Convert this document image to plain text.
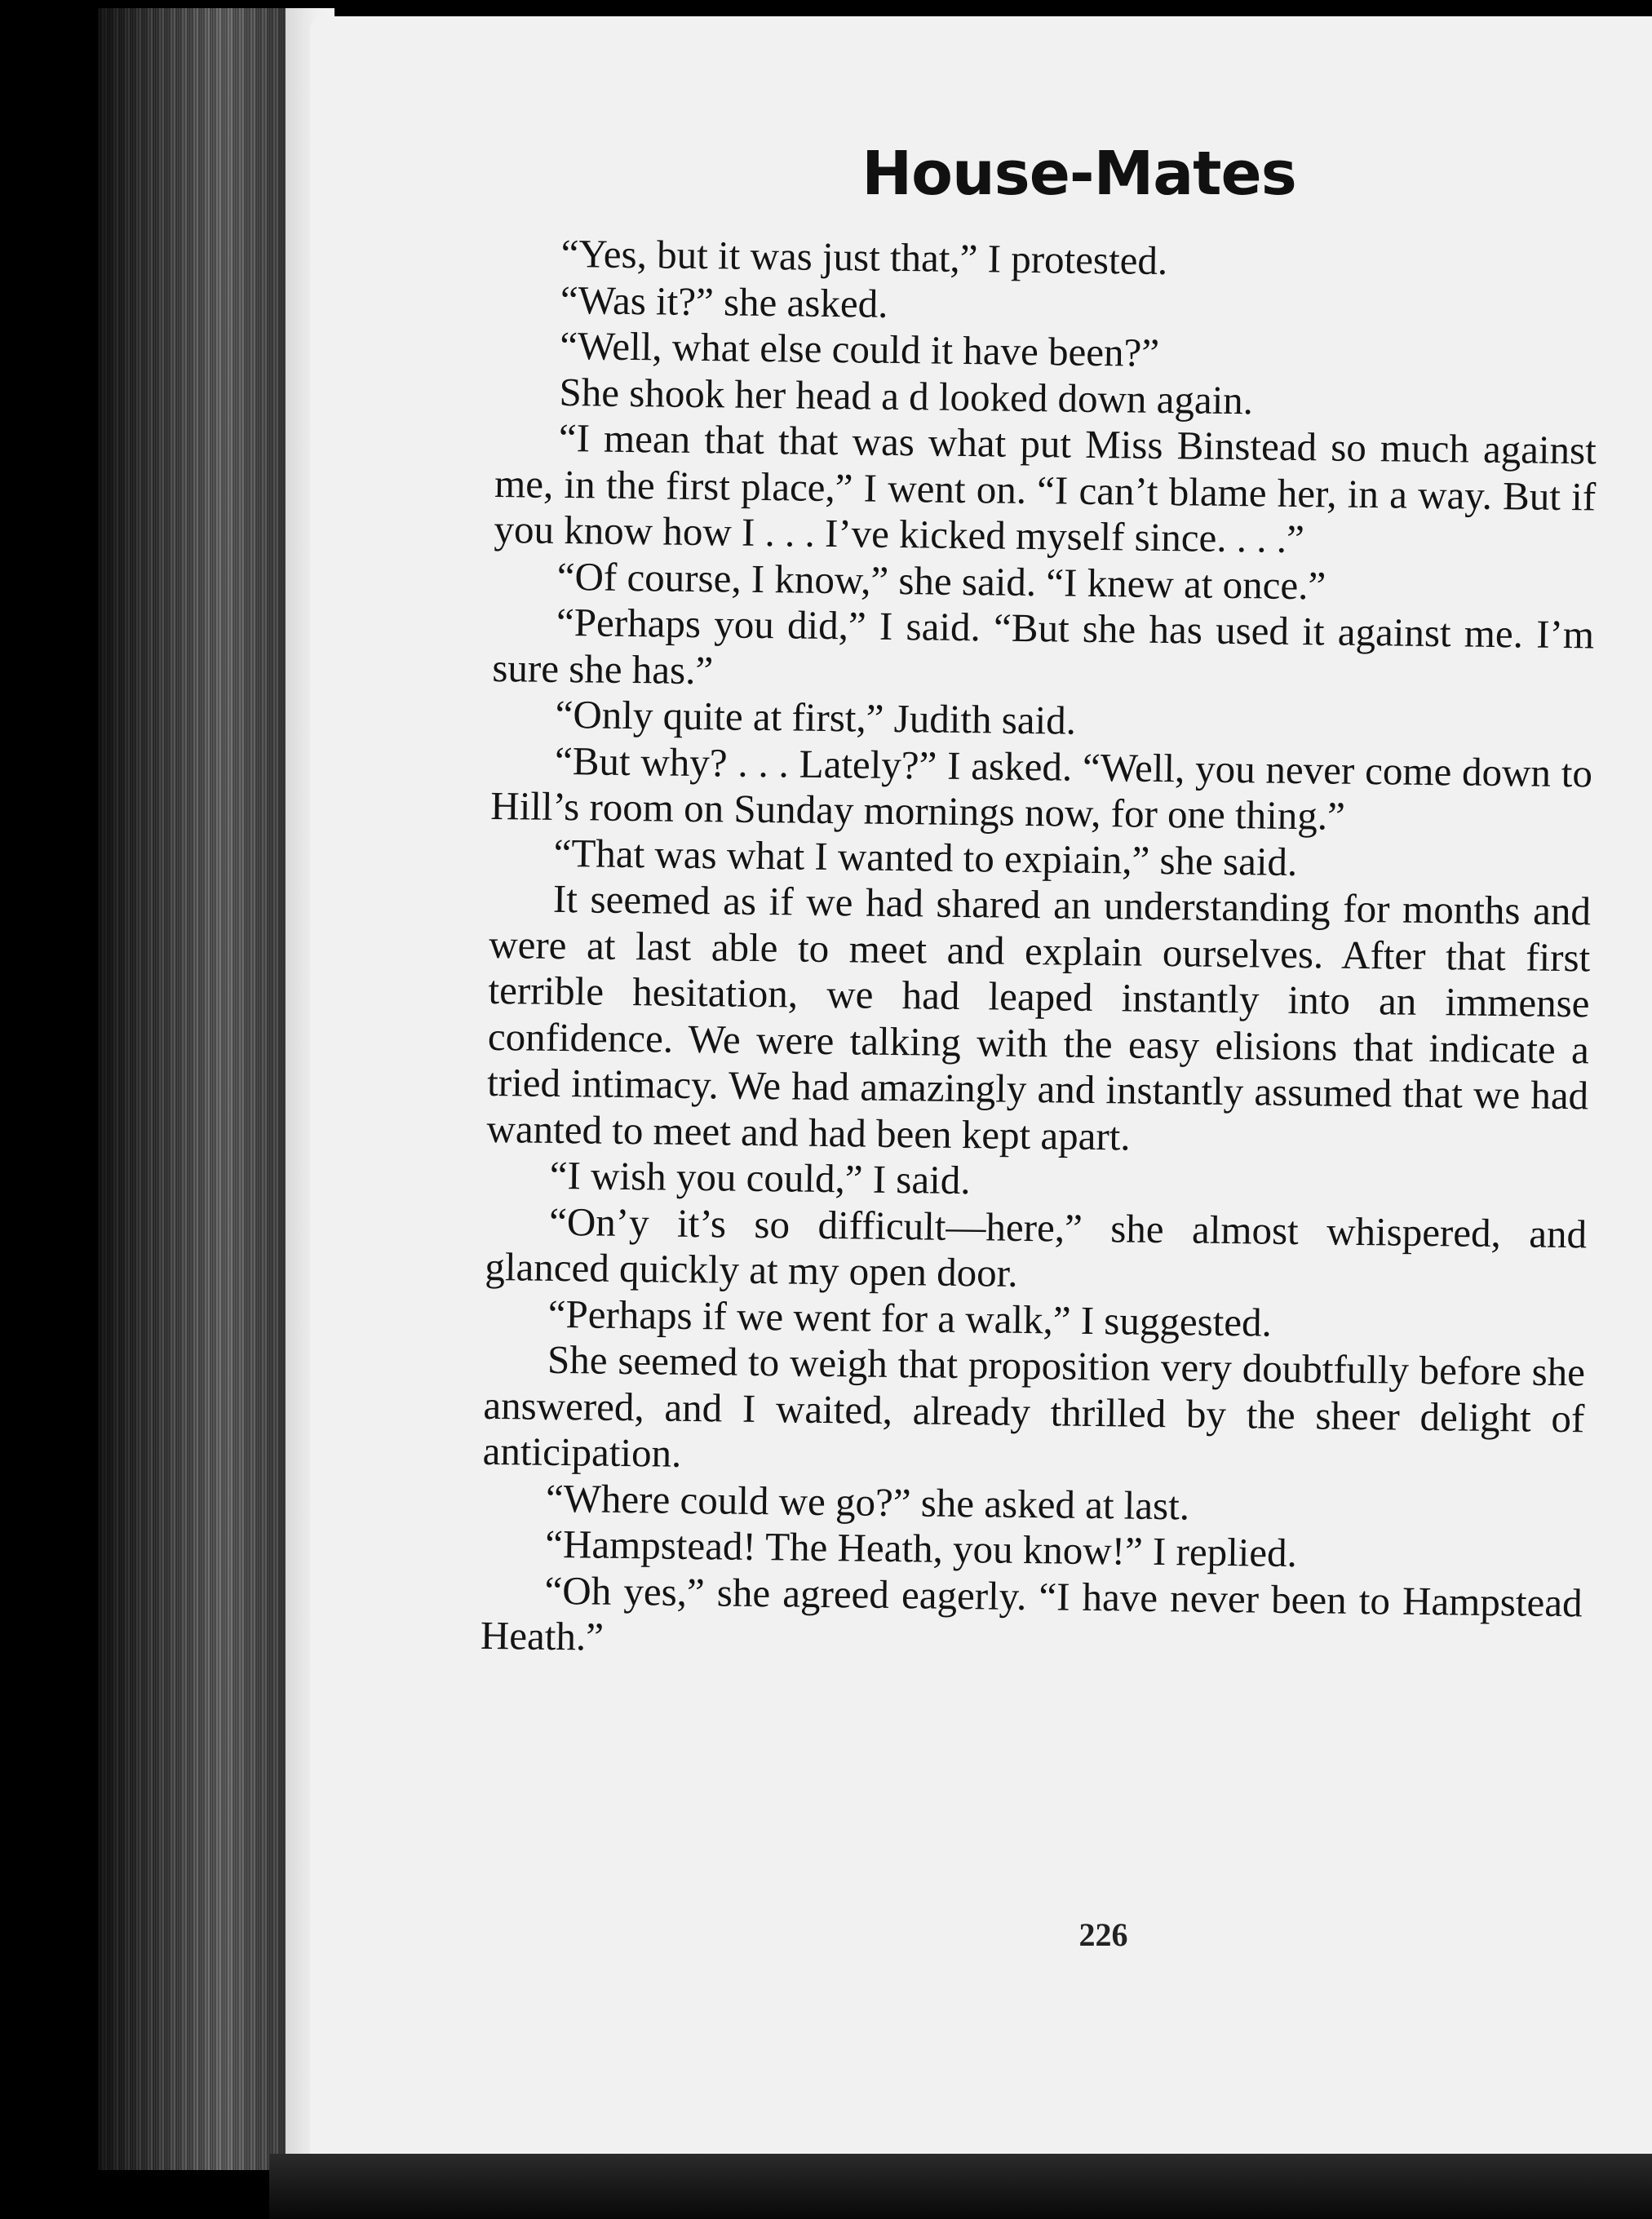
House-Mates

“Yes, but it was just that,” I protested.

“Was it?” she asked.

“Well, what else could it have been?”

She shook her head a d looked down again.

“I mean that that was what put Miss Binstead so much against me, in the first place,” I went on. “I can’t blame her, in a way. But if you know how I . . . I’ve kicked myself since. . . .”

“Of course, I know,” she said. “I knew at once.”

“Perhaps you did,” I said. “But she has used it against me. I’m sure she has.”

“Only quite at first,” Judith said.

“But why? . . . Lately?” I asked. “Well, you never come down to Hill’s room on Sunday mornings now, for one thing.”

“That was what I wanted to expiain,” she said.

It seemed as if we had shared an understanding for months and were at last able to meet and explain ourselves. After that first terrible hesitation, we had leaped instantly into an immense confidence. We were talking with the easy elisions that indicate a tried intimacy. We had amazingly and instantly assumed that we had wanted to meet and had been kept apart.

“I wish you could,” I said.

“On’y it’s so difficult—here,” she almost whispered, and glanced quickly at my open door.

“Perhaps if we went for a walk,” I suggested.

She seemed to weigh that proposition very doubtfully before she answered, and I waited, already thrilled by the sheer delight of anticipation.

“Where could we go?” she asked at last.

“Hampstead! The Heath, you know!” I replied.

“Oh yes,” she agreed eagerly. “I have never been to Hampstead Heath.”

226
